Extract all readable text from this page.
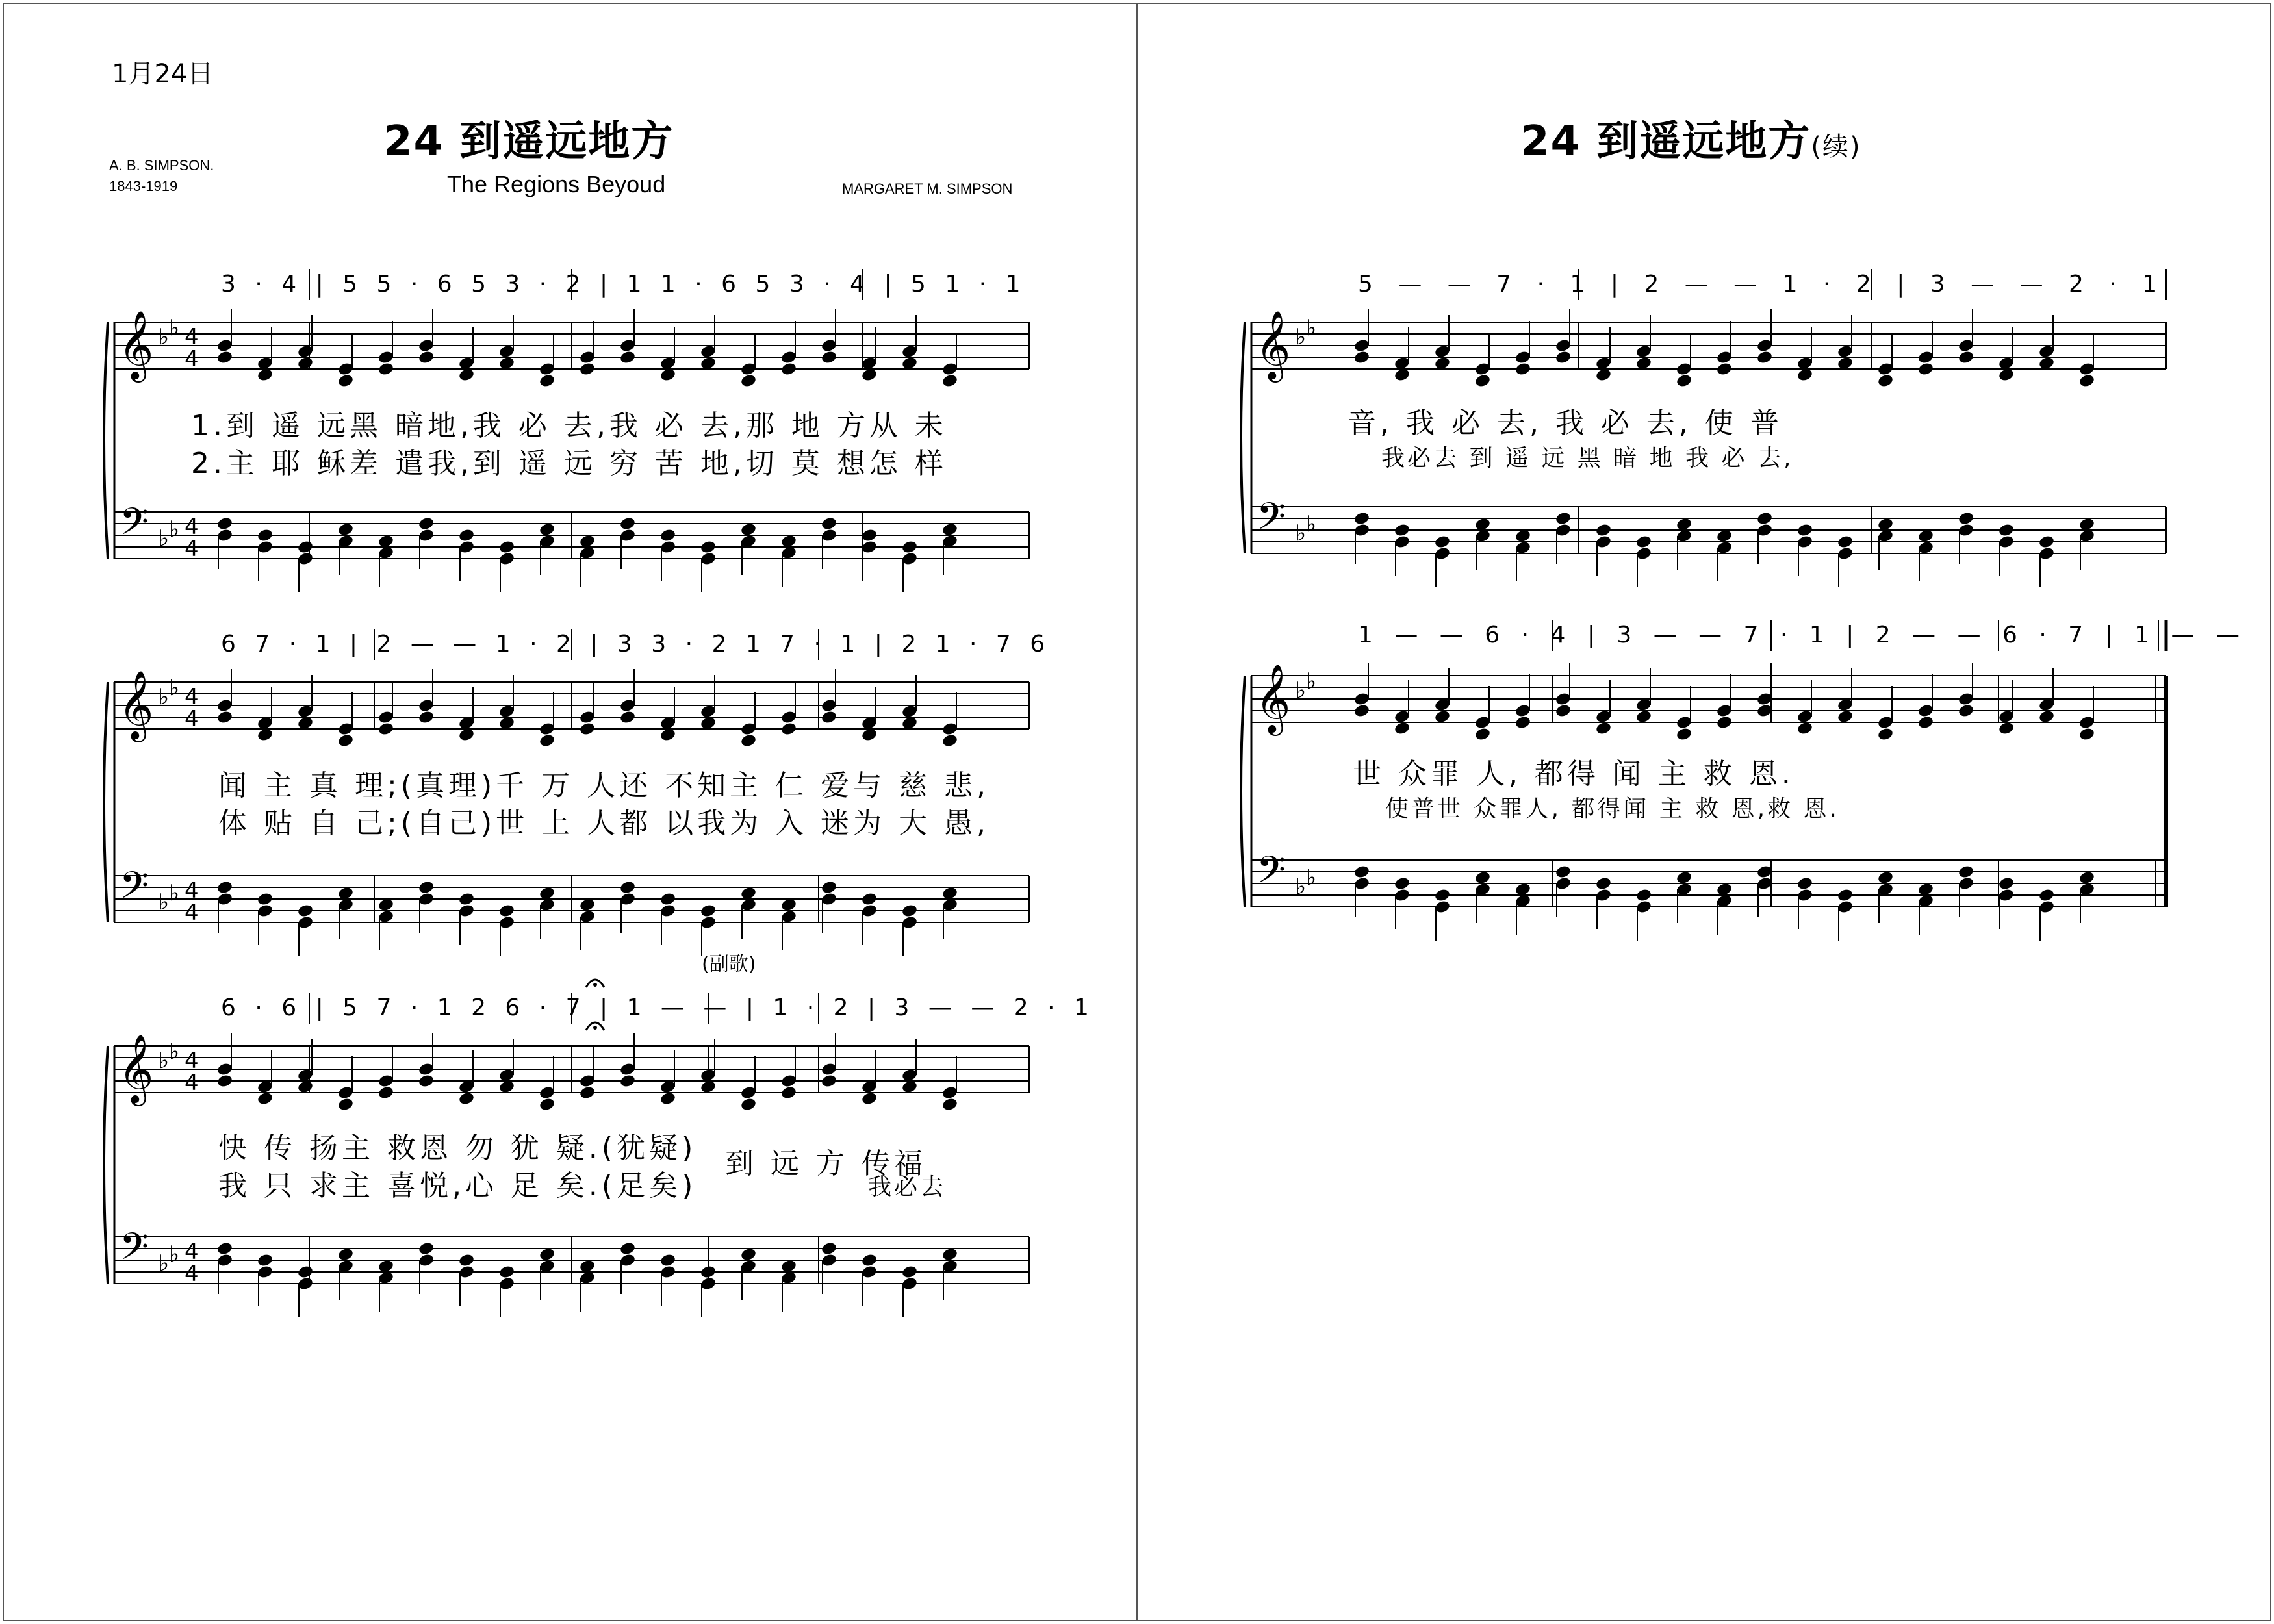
1月24日
24 到遥远地方	24 到遥远地方(续)
The Regions Beyoud
A. B. SIMPSON.
1843-1919	MARGARET M. SIMPSON
𝄞
𝄢
♭ ♭
♭ ♭
4
4
4
4
𝄞
𝄢
♭ ♭
♭ ♭
4
4
4
4
𝄞
𝄢
♭ ♭
♭ ♭
4
4
4
4
𝄞
𝄢
♭ ♭
♭ ♭
𝄞
𝄢
♭ ♭
♭ ♭
3 · 4 | 5 5 · 6 5 3 · 2 | 1 1 · 6 5 3 · 4 | 5 1 · 1
6 7 · 1 | 2 — — 1 · 2 | 3 3 · 2 1 7 · 1 | 2 1 · 7 6
6 · 6 | 5 7 · 1 2 6 · 7 | 1 — — | 1 · 2 | 3 — — 2 · 1
5 — — 7 · 1 | 2 — — 1 · 2 | 3 — — 2 · 1
1 — — 6 · 4 | 3 — — 7 · 1 | 2 — — 6 · 7 | 1 — —
(副歌)
1.到 遥 远黑 暗地,我 必 去,我 必 去,那 地 方从 未
2.主 耶 稣差 遣我,到 遥 远 穷 苦 地,切 莫 想怎 样
闻 主 真 理;(真理)千 万 人还 不知主 仁 爱与 慈 悲,
体 贴 自 己;(自己)世 上 人都 以我为 入 迷为 大 愚,
快 传 扬主 救恩 勿 犹 疑.(犹疑)
我 只 求主 喜悦,心 足 矣.(足矣)
到 远 方 传福
我必去
音, 我 必 去, 我 必 去, 使 普
我必去 到 遥 远 黑 暗 地 我 必 去,
世 众罪 人, 都得 闻 主 救 恩.
使普世 众罪人, 都得闻 主 救 恩,救 恩.
